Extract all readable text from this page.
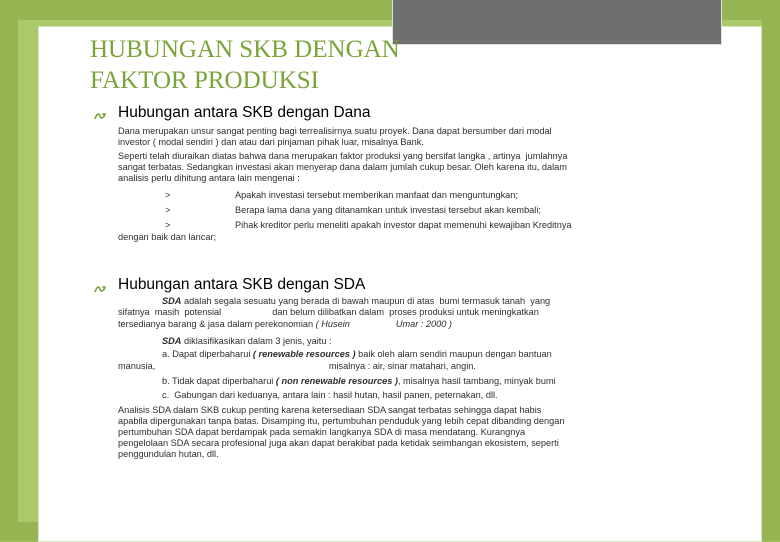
HUBUNGAN SKB DENGAN
FAKTOR PRODUKSI
Hubungan antara SKB dengan Dana
Dana merupakan unsur sangat penting bagi terrealisirnya suatu proyek. Dana dapat bersumber dari modal
investor ( modal sendiri ) dan atau dari pinjaman pihak luar, misalnya Bank.
Seperti telah diuraikan diatas bahwa dana merupakan faktor produksi yang bersifat langka , artinya  jumlahnya
sangat terbatas. Sedangkan investasi akan menyerap dana dalam jumlah cukup besar. Oleh karena itu, dalam
analisis perlu dihitung antara lain mengenai :
>	Apakah investasi tersebut memberikan manfaat dan menguntungkan;
>	Berapa lama dana yang ditanamkan untuk investasi tersebut akan kembali;
>	Pihak kreditor perlu meneliti apakah investor dapat memenuhi kewajiban Kreditnya
dengan baik dan lancar;
Hubungan antara SKB dengan SDA
SDA adalah segala sesuatu yang berada di bawah maupun di atas  bumi termasuk tanah  yang
sifatnya  masih  potensial                    dan belum dilibatkan dalam  proses produksi untuk meningkatkan
tersedianya barang & jasa dalam perekonomian ( Husein                  Umar : 2000 )
SDA diklasifikasikan dalam 3 jenis, yaitu :
a. Dapat diperbaharui ( renewable resources ) baik oleh alam sendiri maupun dengan bantuan
manusia,                                                                    misalnya : air, sinar matahari, angin.
b. Tidak dapat diperbaharui ( non renewable resources ), misalnya hasil tambang, minyak bumi
c.  Gabungan dari keduanya, antara lain : hasil hutan, hasil panen, peternakan, dll.
Analisis SDA dalam SKB cukup penting karena ketersediaan SDA sangat terbatas sehingga dapat habis
apabila dipergunakan tanpa batas. Disamping itu, pertumbuhan penduduk yang lebih cepat dibanding dengan
pertumbuhan SDA dapat berdampak pada semakin langkanya SDA di masa mendatang. Kurangnya
pengelolaan SDA secara profesional juga akan dapat berakibat pada ketidak seimbangan ekosistem, seperti
penggundulan hutan, dll.
